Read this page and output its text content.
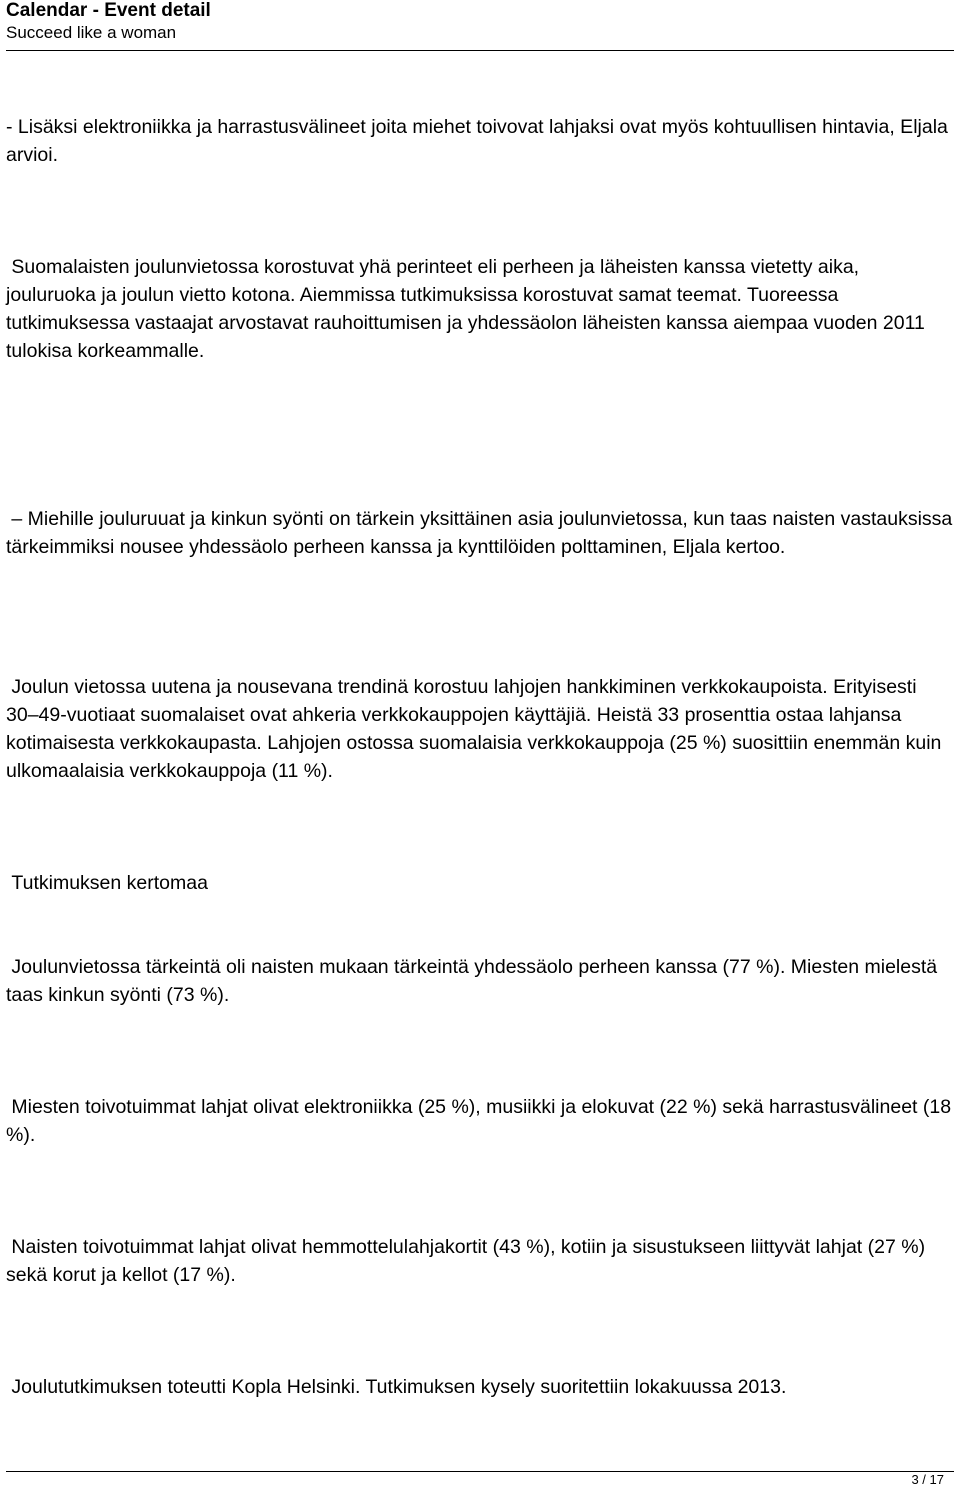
Calendar - Event detail
Succeed like a woman

- Lisäksi elektroniikka ja harrastusvälineet joita miehet toivovat lahjaksi ovat myös kohtuullisen hintavia, Eljala arvioi.

Suomalaisten joulunvietossa korostuvat yhä perinteet eli perheen ja läheisten kanssa vietetty aika, jouluruoka ja joulun vietto kotona. Aiemmissa tutkimuksissa korostuvat samat teemat. Tuoreessa tutkimuksessa vastaajat arvostavat rauhoittumisen ja yhdessäolon läheisten kanssa aiempaa vuoden 2011 tulokisa korkeammalle.

– Miehille jouluruuat ja kinkun syönti on tärkein yksittäinen asia joulunvietossa, kun taas naisten vastauksissa tärkeimmiksi nousee yhdessäolo perheen kanssa ja kynttilöiden polttaminen, Eljala kertoo.

Joulun vietossa uutena ja nousevana trendinä korostuu lahjojen hankkiminen verkkokaupoista. Erityisesti 30–49-vuotiaat suomalaiset ovat ahkeria verkkokauppojen käyttäjiä. Heistä 33 prosenttia ostaa lahjansa kotimaisesta verkkokaupasta. Lahjojen ostossa suomalaisia verkkokauppoja (25 %) suosittiin enemmän kuin ulkomaalaisia verkkokauppoja (11 %).

Tutkimuksen kertomaa

Joulunvietossa tärkeintä oli naisten mukaan tärkeintä yhdessäolo perheen kanssa (77 %). Miesten mielestä taas kinkun syönti (73 %).

Miesten toivotuimmat lahjat olivat elektroniikka (25 %), musiikki ja elokuvat (22 %) sekä harrastusvälineet (18 %).

Naisten toivotuimmat lahjat olivat hemmottelulahjakortit (43 %), kotiin ja sisustukseen liittyvät lahjat (27 %) sekä korut ja kellot (17 %).

Joulututkimuksen toteutti Kopla Helsinki. Tutkimuksen kysely suoritettiin lokakuussa 2013.

3 / 17
